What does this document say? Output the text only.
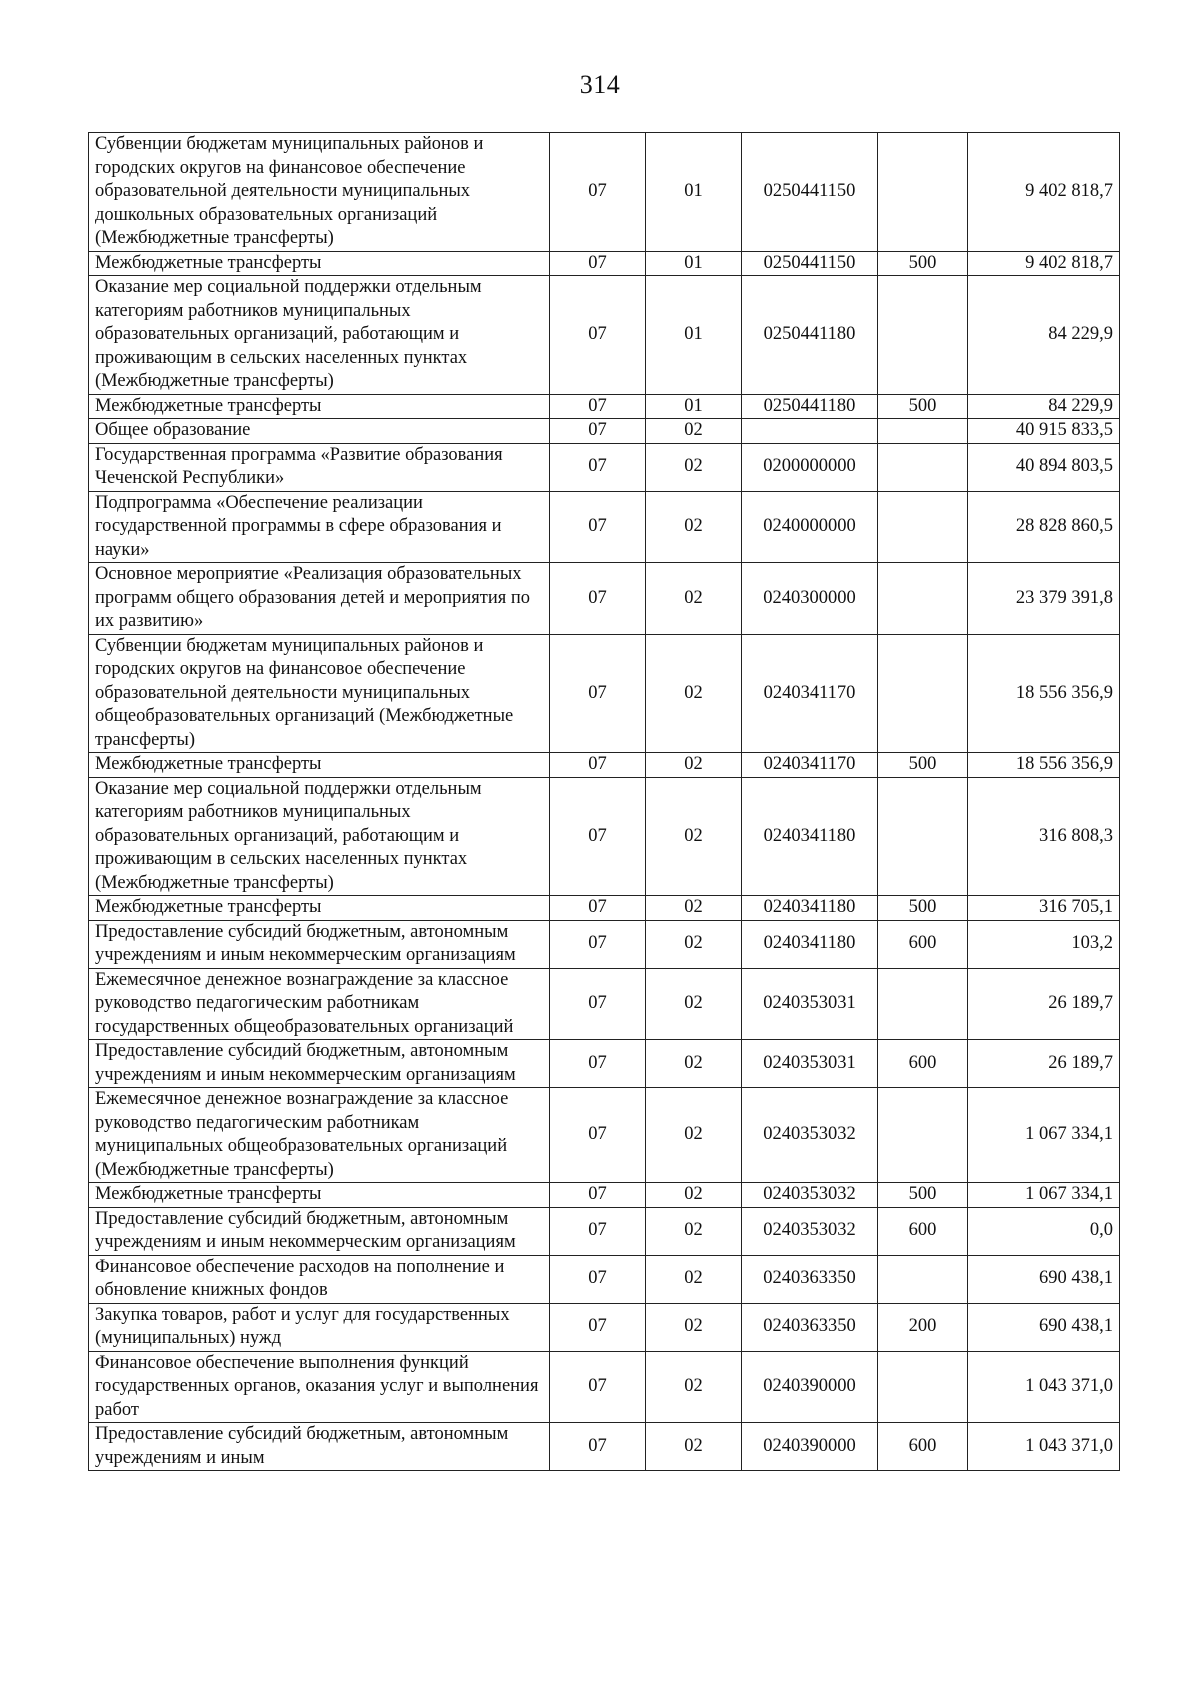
314
Субвенции бюджетам муниципальных районов и городских округов на финансовое обеспечение образовательной деятельности муниципальных дошкольных образовательных организаций (Межбюджетные трансферты)	07	01	0250441150		9 402 818,7
Межбюджетные трансферты	07	01	0250441150	500	9 402 818,7
Оказание мер социальной поддержки отдельным категориям работников муниципальных образовательных организаций, работающим и проживающим в сельских населенных пунктах (Межбюджетные трансферты)	07	01	0250441180		84 229,9
Межбюджетные трансферты	07	01	0250441180	500	84 229,9
Общее образование	07	02			40 915 833,5
Государственная программа «Развитие образования Чеченской Республики»	07	02	0200000000		40 894 803,5
Подпрограмма «Обеспечение реализации государственной программы в сфере образования и науки»	07	02	0240000000		28 828 860,5
Основное мероприятие «Реализация образовательных программ общего образования детей и мероприятия по их развитию»	07	02	0240300000		23 379 391,8
Субвенции бюджетам муниципальных районов и городских округов на финансовое обеспечение образовательной деятельности муниципальных общеобразовательных организаций (Межбюджетные трансферты)	07	02	0240341170		18 556 356,9
Межбюджетные трансферты	07	02	0240341170	500	18 556 356,9
Оказание мер социальной поддержки отдельным категориям работников муниципальных образовательных организаций, работающим и проживающим в сельских населенных пунктах (Межбюджетные трансферты)	07	02	0240341180		316 808,3
Межбюджетные трансферты	07	02	0240341180	500	316 705,1
Предоставление субсидий бюджетным, автономным учреждениям и иным некоммерческим организациям	07	02	0240341180	600	103,2
Ежемесячное денежное вознаграждение за классное руководство педагогическим работникам государственных общеобразовательных организаций	07	02	0240353031		26 189,7
Предоставление субсидий бюджетным, автономным учреждениям и иным некоммерческим организациям	07	02	0240353031	600	26 189,7
Ежемесячное денежное вознаграждение за классное руководство педагогическим работникам муниципальных общеобразовательных организаций (Межбюджетные трансферты)	07	02	0240353032		1 067 334,1
Межбюджетные трансферты	07	02	0240353032	500	1 067 334,1
Предоставление субсидий бюджетным, автономным учреждениям и иным некоммерческим организациям	07	02	0240353032	600	0,0
Финансовое обеспечение расходов на пополнение и обновление книжных фондов	07	02	0240363350		690 438,1
Закупка товаров, работ и услуг для государственных (муниципальных) нужд	07	02	0240363350	200	690 438,1
Финансовое обеспечение выполнения функций государственных органов, оказания услуг и выполнения работ	07	02	0240390000		1 043 371,0
Предоставление субсидий бюджетным, автономным учреждениям и иным	07	02	0240390000	600	1 043 371,0
